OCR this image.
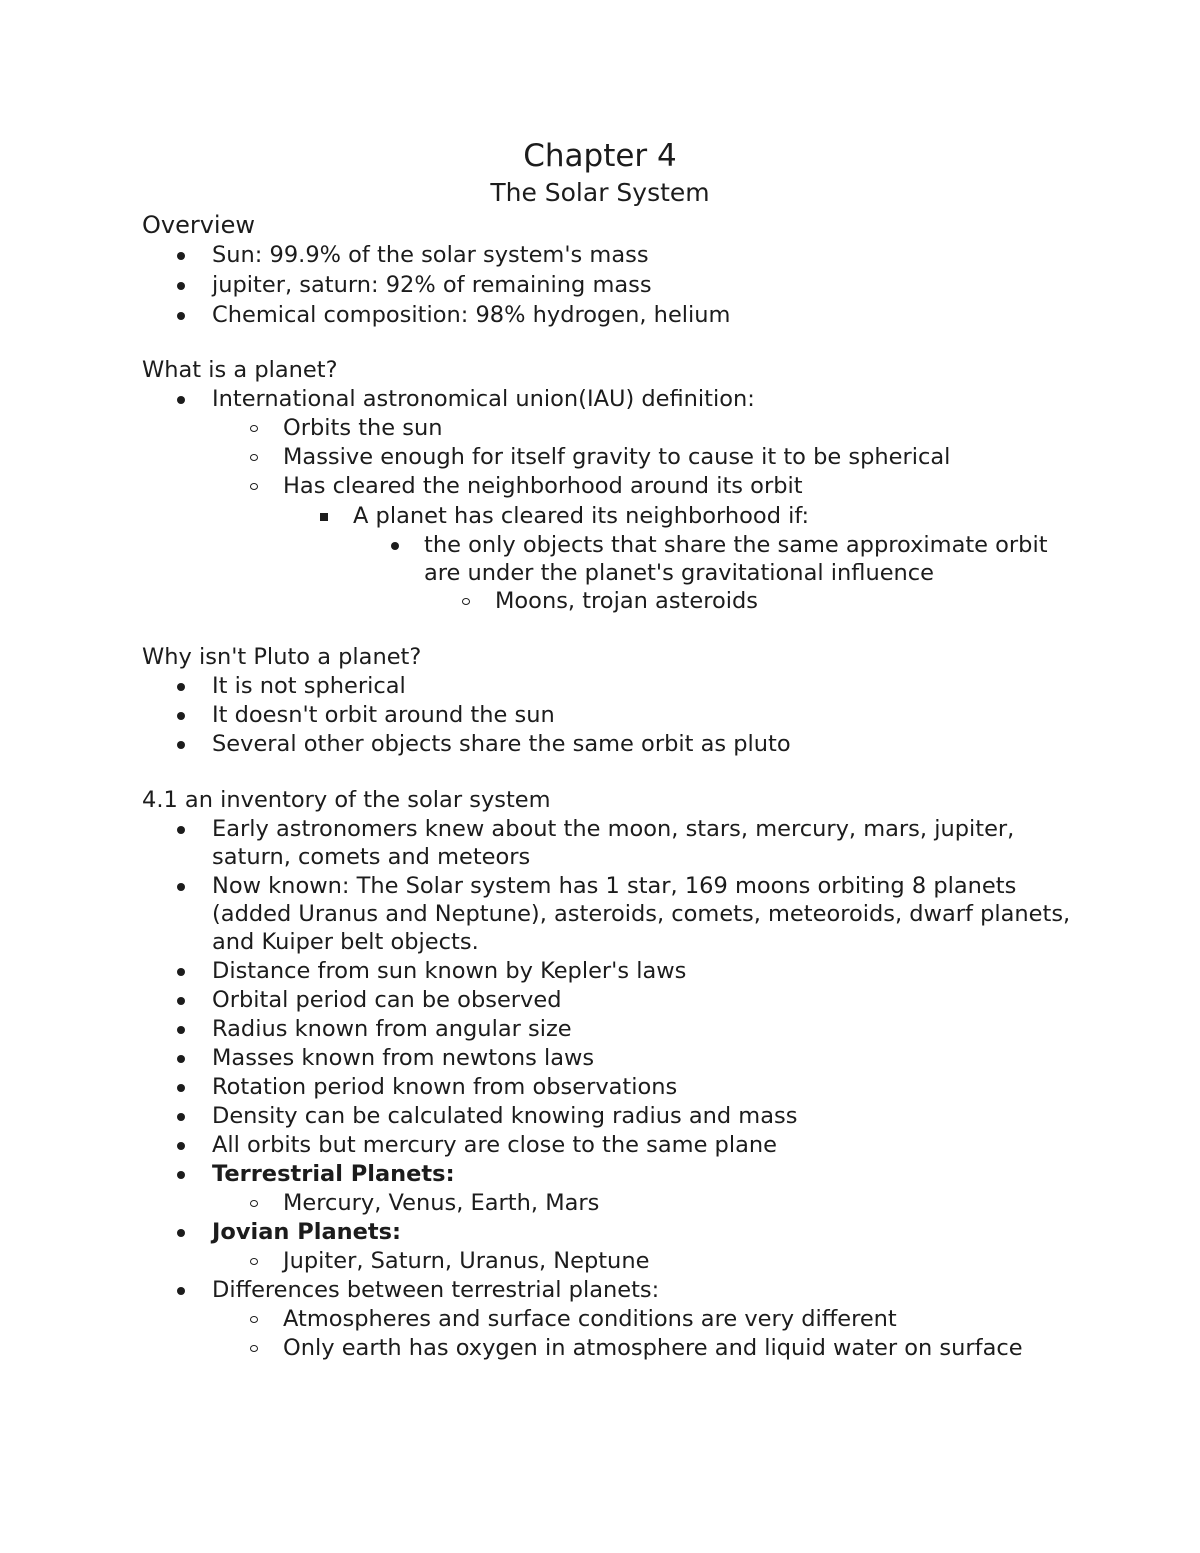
Chapter 4
The Solar System
Overview
Sun: 99.9% of the solar system's mass
jupiter, saturn: 92% of remaining mass
Chemical composition: 98% hydrogen, helium
What is a planet?
International astronomical union(IAU) definition:
Orbits the sun
Massive enough for itself gravity to cause it to be spherical
Has cleared the neighborhood around its orbit
A planet has cleared its neighborhood if:
the only objects that share the same approximate orbit
are under the planet's gravitational influence
Moons, trojan asteroids
Why isn't Pluto a planet?
It is not spherical
It doesn't orbit around the sun
Several other objects share the same orbit as pluto
4.1 an inventory of the solar system
Early astronomers knew about the moon, stars, mercury, mars, jupiter,
saturn, comets and meteors
Now known: The Solar system has 1 star, 169 moons orbiting 8 planets
(added Uranus and Neptune), asteroids, comets, meteoroids, dwarf planets,
and Kuiper belt objects.
Distance from sun known by Kepler's laws
Orbital period can be observed
Radius known from angular size
Masses known from newtons laws
Rotation period known from observations
Density can be calculated knowing radius and mass
All orbits but mercury are close to the same plane
Terrestrial Planets:
Mercury, Venus, Earth, Mars
Jovian Planets:
Jupiter, Saturn, Uranus, Neptune
Differences between terrestrial planets:
Atmospheres and surface conditions are very different
Only earth has oxygen in atmosphere and liquid water on surface
